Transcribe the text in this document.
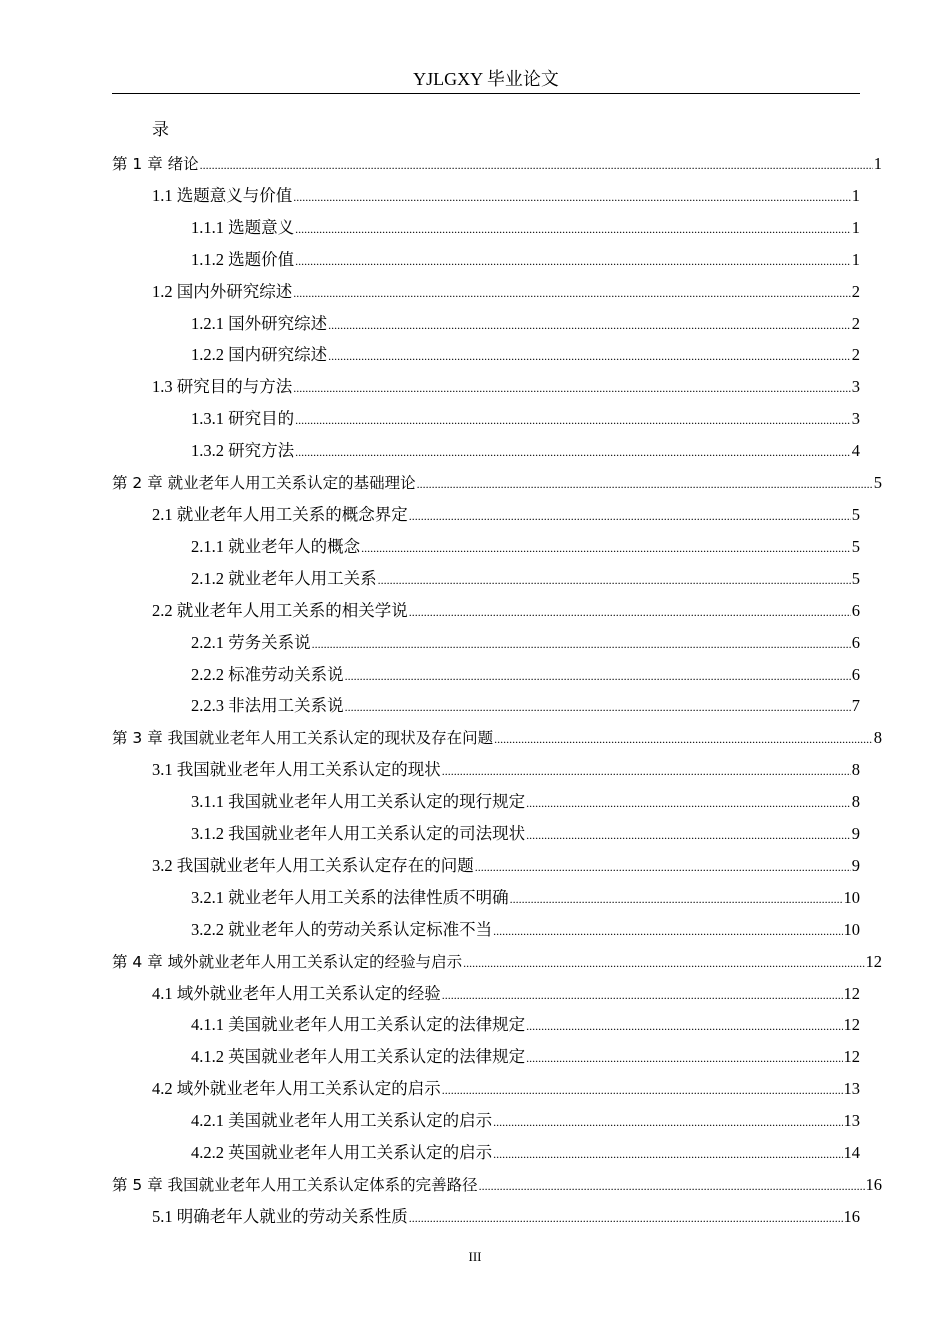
YJLGXY 毕业论文
录
第 1 章 绪论 .....	1
1.1 选题意义与价值 .....	1
1.1.1 选题意义 .....	1
1.1.2 选题价值 .....	1
1.2 国内外研究综述 .....	2
1.2.1 国外研究综述 .....	2
1.2.2 国内研究综述 .....	2
1.3 研究目的与方法 .....	3
1.3.1 研究目的 .....	3
1.3.2 研究方法 .....	4
第 2 章 就业老年人用工关系认定的基础理论 .....	5
2.1 就业老年人用工关系的概念界定 .....	5
2.1.1 就业老年人的概念 .....	5
2.1.2 就业老年人用工关系 .....	5
2.2 就业老年人用工关系的相关学说 .....	6
2.2.1 劳务关系说 .....	6
2.2.2 标准劳动关系说 .....	6
2.2.3 非法用工关系说 .....	7
第 3 章 我国就业老年人用工关系认定的现状及存在问题 .....	8
3.1 我国就业老年人用工关系认定的现状 .....	8
3.1.1 我国就业老年人用工关系认定的现行规定 .....	8
3.1.2 我国就业老年人用工关系认定的司法现状 .....	9
3.2 我国就业老年人用工关系认定存在的问题 .....	9
3.2.1 就业老年人用工关系的法律性质不明确 .....	10
3.2.2 就业老年人的劳动关系认定标准不当 .....	10
第 4 章 域外就业老年人用工关系认定的经验与启示 .....	12
4.1 域外就业老年人用工关系认定的经验 .....	12
4.1.1 美国就业老年人用工关系认定的法律规定 .....	12
4.1.2 英国就业老年人用工关系认定的法律规定 .....	12
4.2 域外就业老年人用工关系认定的启示 .....	13
4.2.1 美国就业老年人用工关系认定的启示 .....	13
4.2.2 英国就业老年人用工关系认定的启示 .....	14
第 5 章 我国就业老年人用工关系认定体系的完善路径 .....	16
5.1 明确老年人就业的劳动关系性质 .....	16
III
